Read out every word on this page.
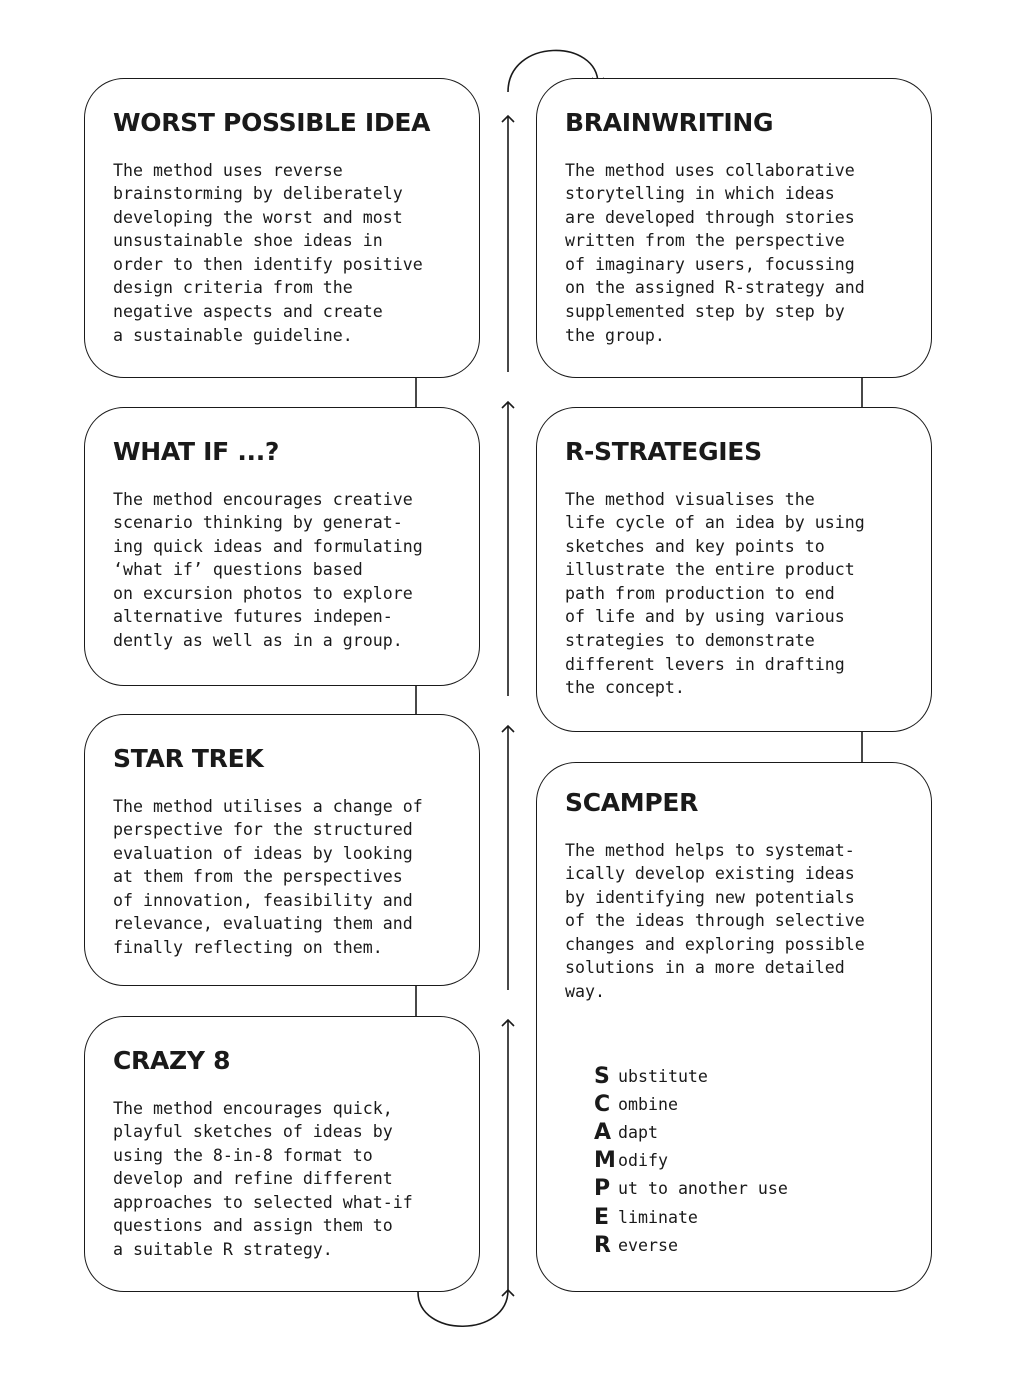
WORST POSSIBLE IDEA

The method uses reverse
brainstorming by deliberately
developing the worst and most
unsustainable shoe ideas in
order to then identify positive
design criteria from the
negative aspects and create
a sustainable guideline.

WHAT IF ...?

The method encourages creative
scenario thinking by generat-
ing quick ideas and formulating
‘what if’ questions based
on excursion photos to explore
alternative futures indepen-
dently as well as in a group.

STAR TREK

The method utilises a change of
perspective for the structured
evaluation of ideas by looking
at them from the perspectives
of innovation, feasibility and
relevance, evaluating them and
finally reflecting on them.

CRAZY 8

The method encourages quick,
playful sketches of ideas by
using the 8-in-8 format to
develop and refine different
approaches to selected what-if
questions and assign them to
a suitable R strategy.

BRAINWRITING

The method uses collaborative
storytelling in which ideas
are developed through stories
written from the perspective
of imaginary users, focussing
on the assigned R-strategy and
supplemented step by step by
the group.

R-STRATEGIES

The method visualises the
life cycle of an idea by using
sketches and key points to
illustrate the entire product
path from production to end
of life and by using various
strategies to demonstrate
different levers in drafting
the concept.

SCAMPER

The method helps to systemat-
ically develop existing ideas
by identifying new potentials
of the ideas through selective
changes and exploring possible
solutions in a more detailed
way.

S ubstitute
C ombine
A dapt
M odify
P ut to another use
E liminate
R everse
